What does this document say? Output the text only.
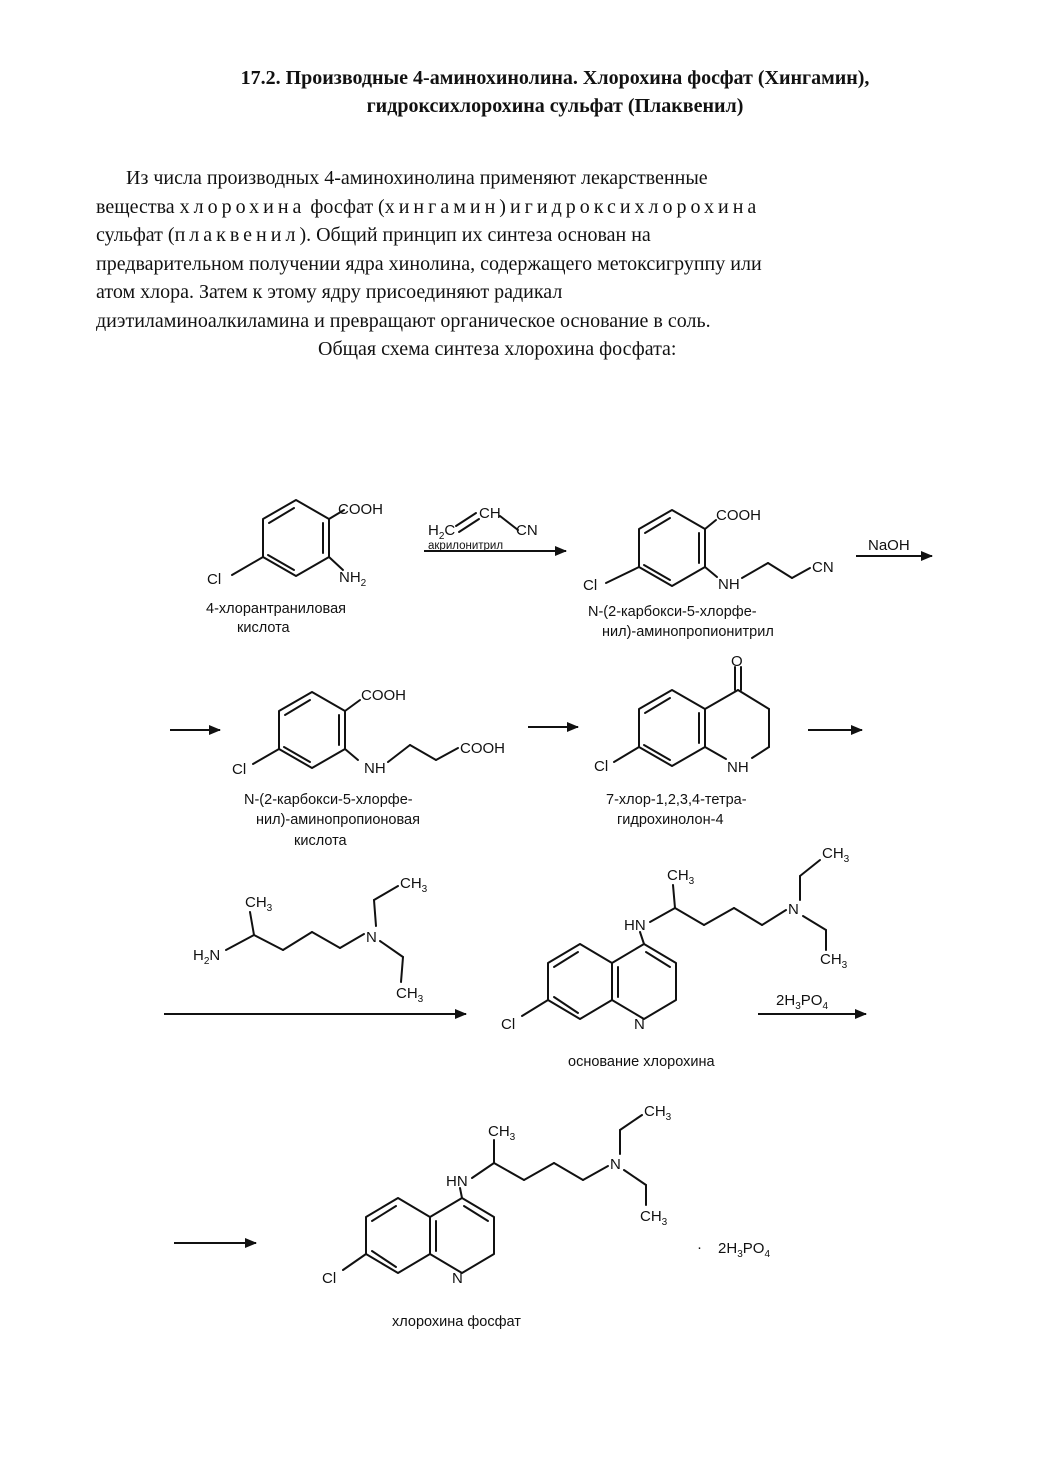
17.2. Производные 4-аминохинолина. Хлорохина фосфат (Хингамин),
гидроксихлорохина сульфат (Плаквенил)
Из числа производных 4-аминохинолина применяют лекарственные
вещества хлорохина фосфат (хингамин)игидроксихлорохина
сульфат (плаквенил). Общий принцип их синтеза основан на
предварительном получении ядра хинолина, содержащего метоксигруппу или
атом хлора. Затем к этому ядру присоединяют радикал
диэтиламиноалкиламина и превращают органическое основание в соль.
Общая схема синтеза хлорохина фосфата:
COOH
Cl	$NH_2$
4-хлорантраниловая
кислота
$H_2C$
CH
CN
акрилонитрил
COOH
Cl	NH
CN
N-(2-карбокси-5-хлорфе-
нил)-аминопропионитрил
NaOH
COOH
COOH
Cl	NH
N-(2-карбокси-5-хлорфе-
нил)-аминопропионовая
кислота
O
Cl	NH
7-хлор-1,2,3,4-тетра-
гидрохинолон-4
$CH_3$
$H_2N$
N
$CH_3$
$CH_3$
$CH_3$
HN
N
$CH_3$
$CH_3$
N
Cl
основание хлорохина
$2H_3PO_4$
$CH_3$
HN
N
$CH_3$
$CH_3$
N
Cl
· $2H_3PO_4$
хлорохина фосфат
